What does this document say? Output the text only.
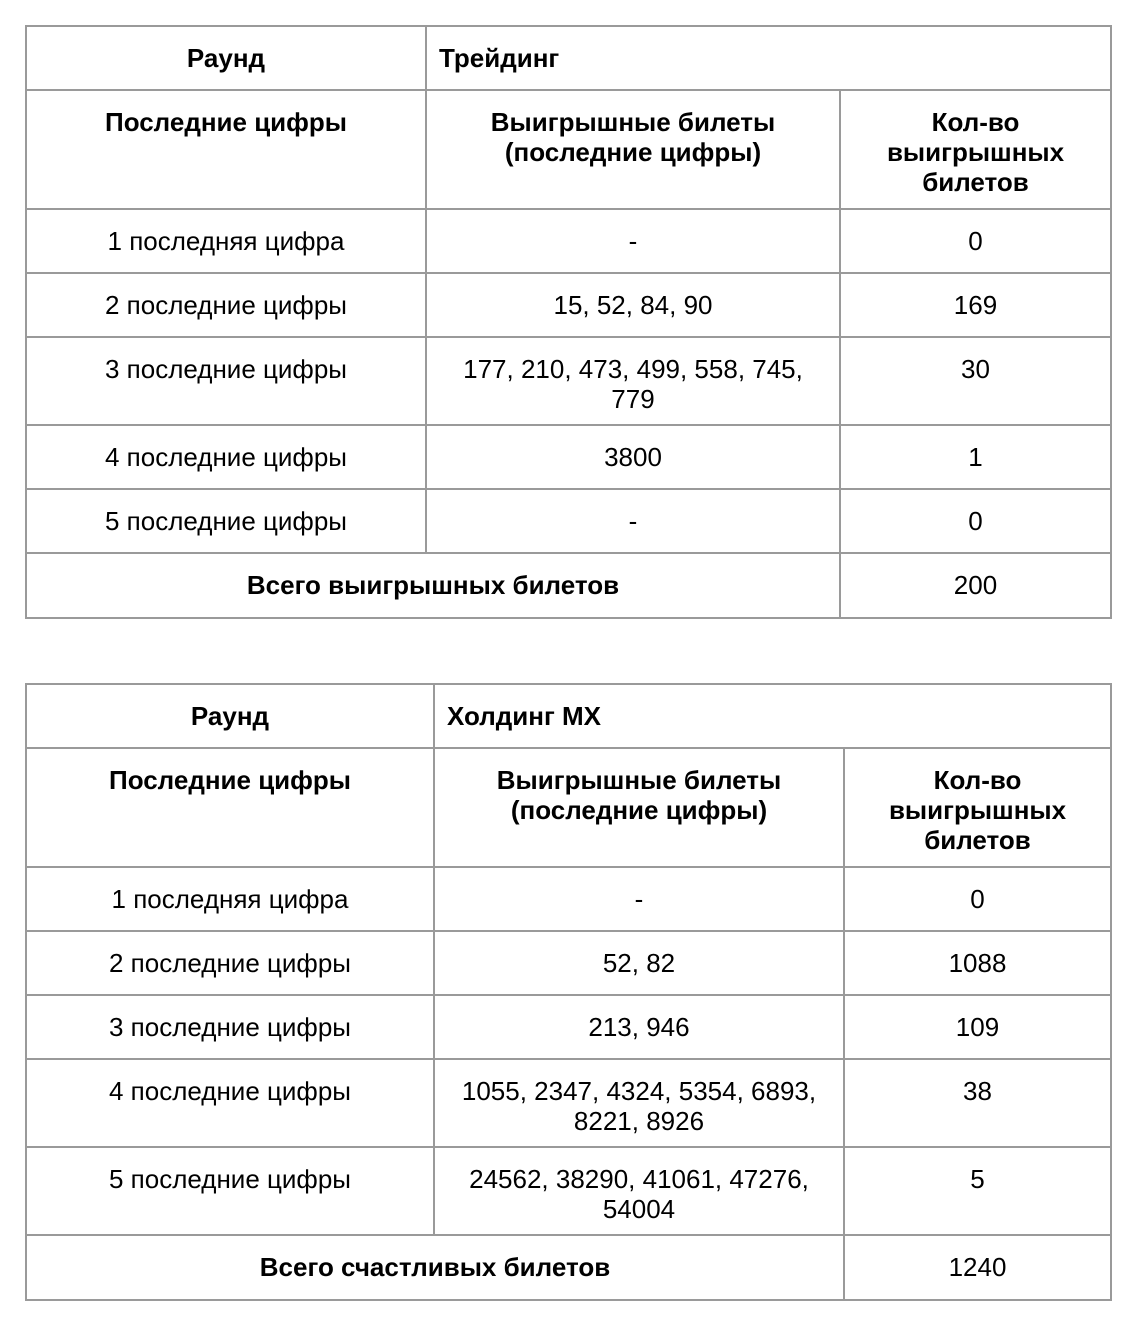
Раунд	Трейдинг	
Последние цифры	Выигрышные билеты (последние цифры)	Кол-во выигрышных билетов
1 последняя цифра	-	0
2 последние цифры	15, 52, 84, 90	169
3 последние цифры	177, 210, 473, 499, 558, 745, 779	30
4 последние цифры	3800	1
5 последние цифры	-	0
Всего выигрышных билетов		200
Раунд	Холдинг MX	
Последние цифры	Выигрышные билеты (последние цифры)	Кол-во выигрышных билетов
1 последняя цифра	-	0
2 последние цифры	52, 82	1088
3 последние цифры	213, 946	109
4 последние цифры	1055, 2347, 4324, 5354, 6893, 8221, 8926	38
5 последние цифры	24562, 38290, 41061, 47276, 54004	5
Всего счастливых билетов		1240
